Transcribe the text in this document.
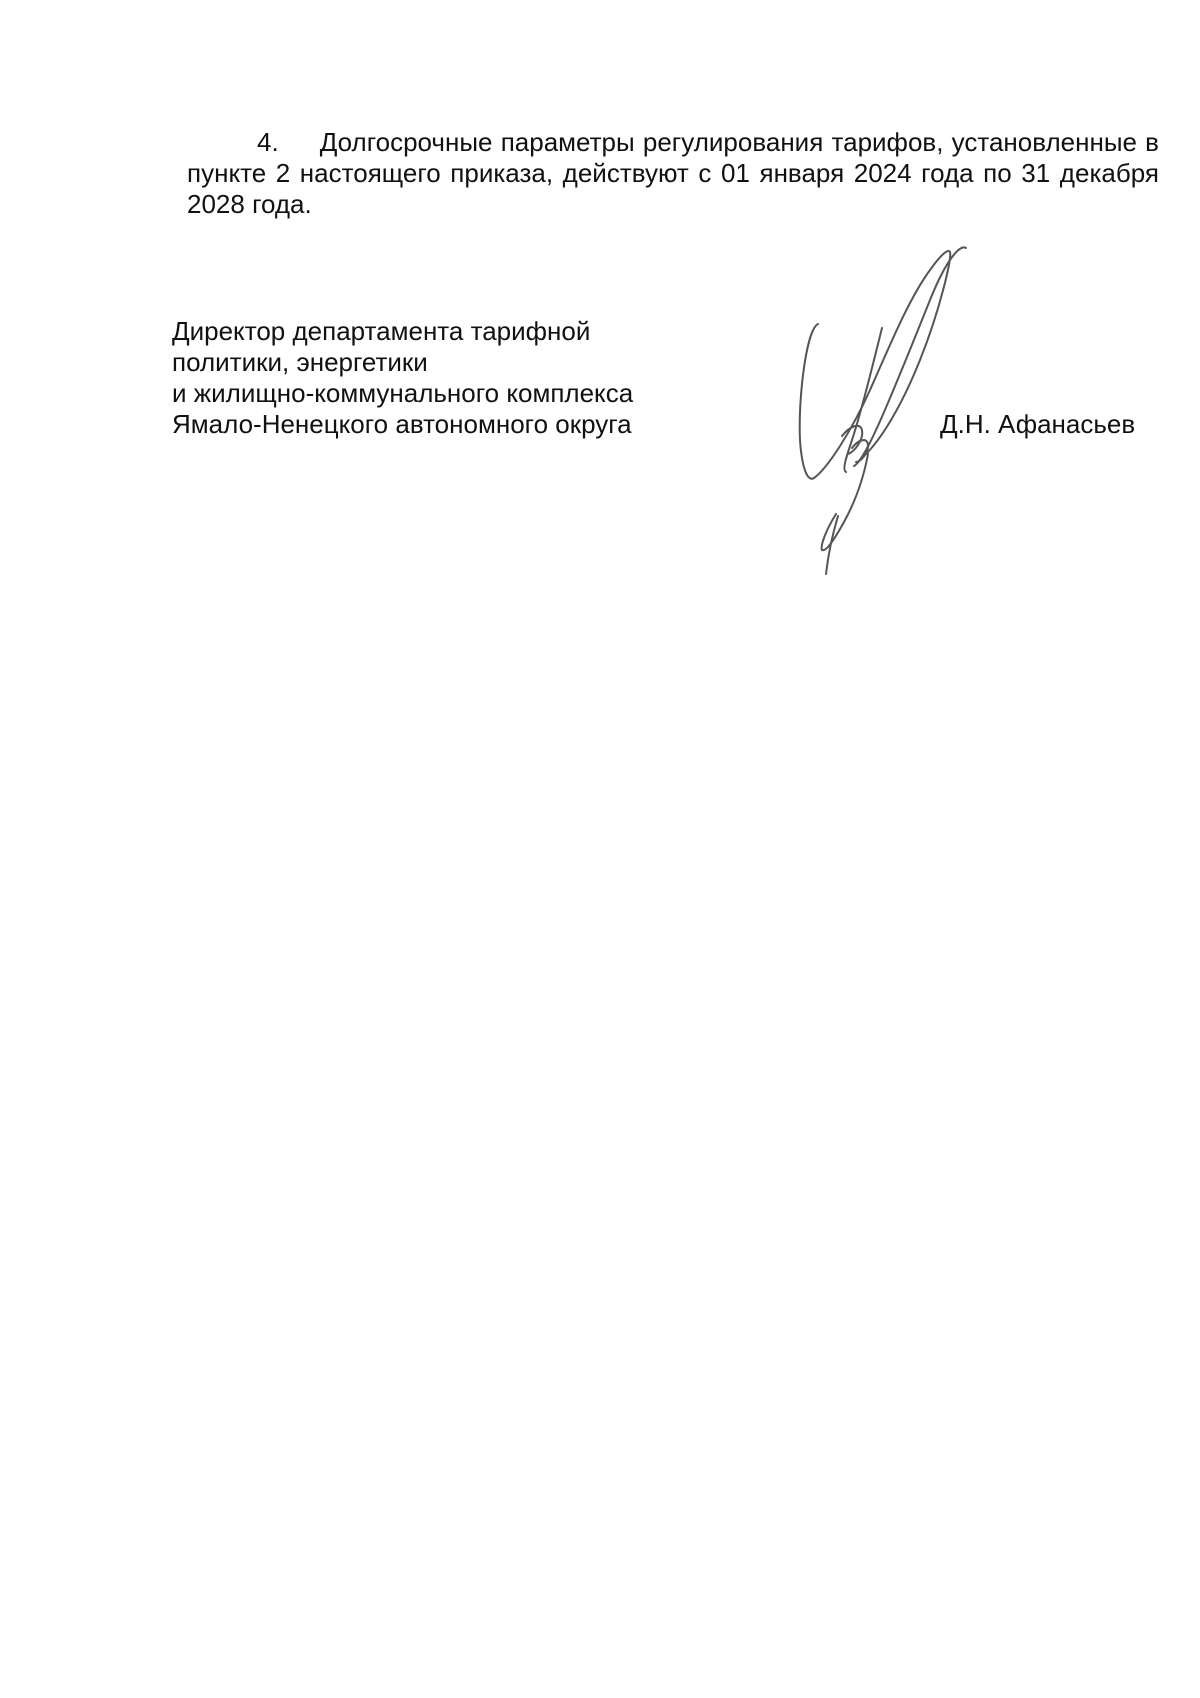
4.     Долгосрочные параметры регулирования тарифов, установленные в пункте 2 настоящего приказа, действуют с 01 января 2024 года по 31 декабря 2028 года.

Директор департамента тарифной
политики, энергетики
и жилищно-коммунального комплекса
Ямало-Ненецкого автономного округа	Д.Н. Афанасьев
